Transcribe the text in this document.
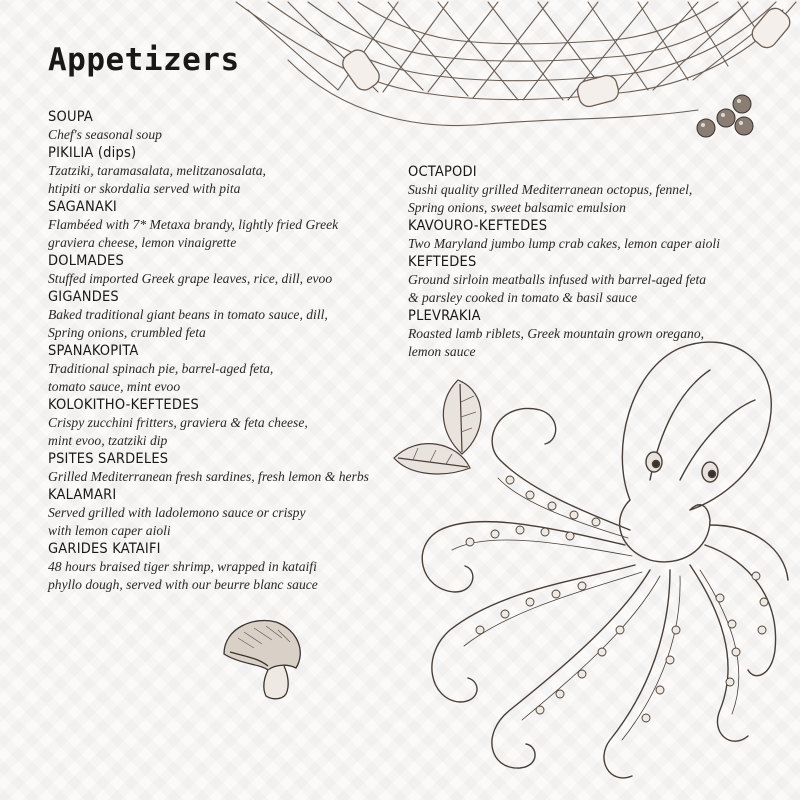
Appetizers
SOUPA
Chef's seasonal soup
PIKILIA (dips)
Tzatziki, taramasalata, melitzanosalata,
htipiti or skordalia served with pita
SAGANAKI
Flambéed with 7* Metaxa brandy, lightly fried Greek
graviera cheese, lemon vinaigrette
DOLMADES
Stuffed imported Greek grape leaves, rice, dill, evoo
GIGANDES
Baked traditional giant beans in tomato sauce, dill,
Spring onions, crumbled feta
SPANAKOPITA
Traditional spinach pie, barrel-aged feta,
tomato sauce, mint evoo
KOLOKITHO-KEFTEDES
Crispy zucchini fritters, graviera & feta cheese,
mint evoo, tzatziki dip
PSITES SARDELES
Grilled Mediterranean fresh sardines, fresh lemon & herbs
KALAMARI
Served grilled with ladolemono sauce or crispy
with lemon caper aioli
GARIDES KATAIFI
48 hours braised tiger shrimp, wrapped in kataifi
phyllo dough, served with our beurre blanc sauce
OCTAPODI
Sushi quality grilled Mediterranean octopus, fennel,
Spring onions, sweet balsamic emulsion
KAVOURO-KEFTEDES
Two Maryland jumbo lump crab cakes, lemon caper aioli
KEFTEDES
Ground sirloin meatballs infused with barrel-aged feta
& parsley cooked in tomato & basil sauce
PLEVRAKIA
Roasted lamb riblets, Greek mountain grown oregano,
lemon sauce
